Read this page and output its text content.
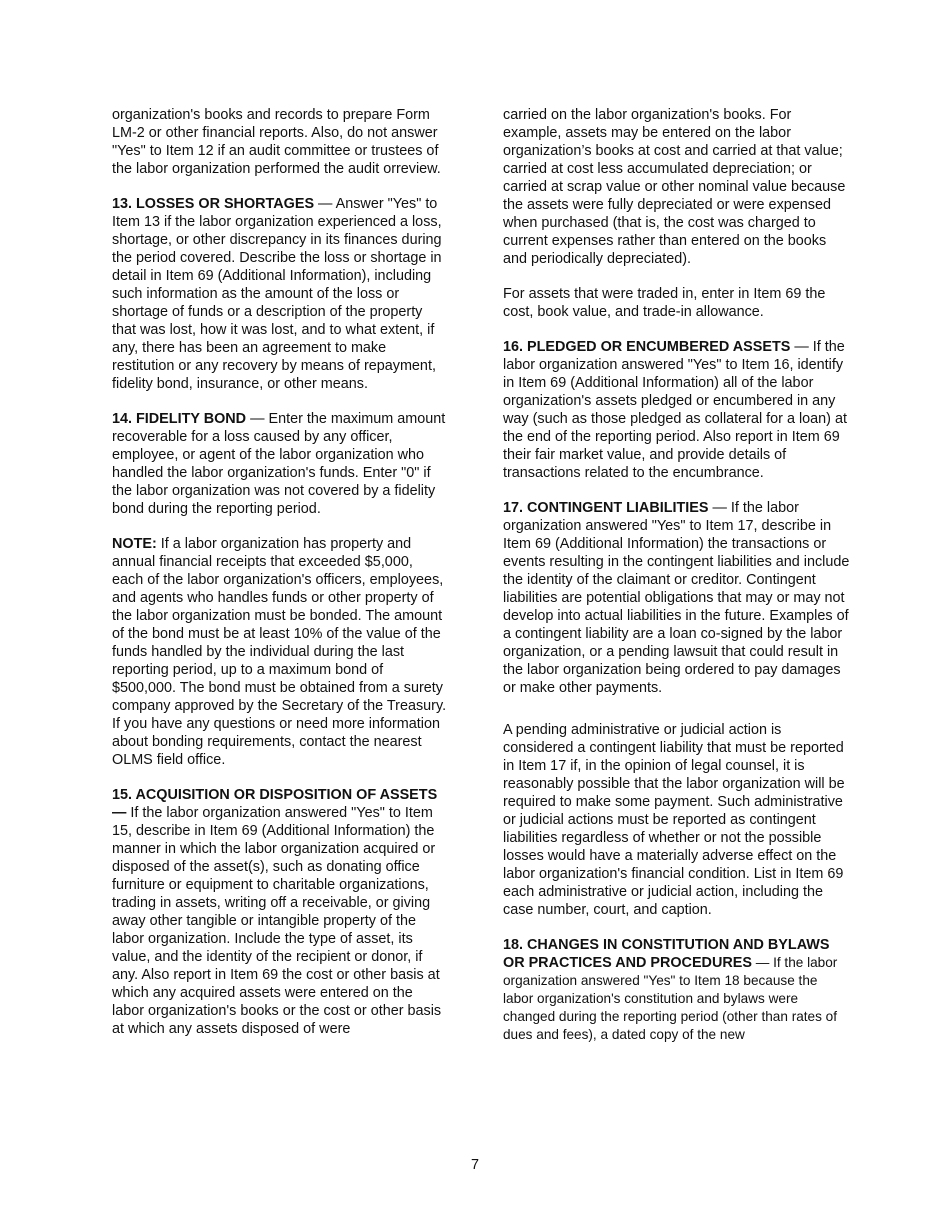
organization's books and records to prepare Form LM-2 or other financial reports. Also, do not answer "Yes" to Item 12 if an audit committee or trustees of the labor organization performed the audit orreview.

13. LOSSES OR SHORTAGES — Answer "Yes" to Item 13 if the labor organization experienced a loss, shortage, or other discrepancy in its finances during the period covered. Describe the loss or shortage in detail in Item 69 (Additional Information), including such information as the amount of the loss or shortage of funds or a description of the property that was lost, how it was lost, and to what extent, if any, there has been an agreement to make restitution or any recovery by means of repayment, fidelity bond, insurance, or other means.

14. FIDELITY BOND — Enter the maximum amount recoverable for a loss caused by any officer, employee, or agent of the labor organization who handled the labor organization's funds. Enter "0" if the labor organization was not covered by a fidelity bond during the reporting period.

NOTE: If a labor organization has property and annual financial receipts that exceeded $5,000, each of the labor organization's officers, employees, and agents who handles funds or other property of the labor organization must be bonded. The amount of the bond must be at least 10% of the value of the funds handled by the individual during the last reporting period, up to a maximum bond of $500,000. The bond must be obtained from a surety company approved by the Secretary of the Treasury. If you have any questions or need more information about bonding requirements, contact the nearest OLMS field office.

15. ACQUISITION OR DISPOSITION OF ASSETS — If the labor organization answered "Yes" to Item 15, describe in Item 69 (Additional Information) the manner in which the labor organization acquired or disposed of the asset(s), such as donating office furniture or equipment to charitable organizations, trading in assets, writing off a receivable, or giving away other tangible or intangible property of the labor organization. Include the type of asset, its value, and the identity of the recipient or donor, if any. Also report in Item 69 the cost or other basis at which any acquired assets were entered on the labor organization's books or the cost or other basis at which any assets disposed of were

carried on the labor organization's books. For example, assets may be entered on the labor organization’s books at cost and carried at that value; carried at cost less accumulated depreciation; or carried at scrap value or other nominal value because the assets were fully depreciated or were expensed when purchased (that is, the cost was charged to current expenses rather than entered on the books and periodically depreciated).

For assets that were traded in, enter in Item 69 the cost, book value, and trade-in allowance.

16. PLEDGED OR ENCUMBERED ASSETS — If the labor organization answered "Yes" to Item 16, identify in Item 69 (Additional Information) all of the labor organization's assets pledged or encumbered in any way (such as those pledged as collateral for a loan) at the end of the reporting period. Also report in Item 69 their fair market value, and provide details of transactions related to the encumbrance.

17. CONTINGENT LIABILITIES — If the labor organization answered "Yes" to Item 17, describe in Item 69 (Additional Information) the transactions or events resulting in the contingent liabilities and include the identity of the claimant or creditor. Contingent liabilities are potential obligations that may or may not develop into actual liabilities in the future. Examples of a contingent liability are a loan co-signed by the labor organization, or a pending lawsuit that could result in the labor organization being ordered to pay damages or make other payments.

A pending administrative or judicial action is considered a contingent liability that must be reported in Item 17 if, in the opinion of legal counsel, it is reasonably possible that the labor organization will be required to make some payment. Such administrative or judicial actions must be reported as contingent liabilities regardless of whether or not the possible losses would have a materially adverse effect on the labor organization's financial condition. List in Item 69 each administrative or judicial action, including the case number, court, and caption.

18. CHANGES IN CONSTITUTION AND BYLAWS OR PRACTICES AND PROCEDURES — If the labor organization answered "Yes" to Item 18 because the labor organization's constitution and bylaws were changed during the reporting period (other than rates of dues and fees), a dated copy of the new

7
